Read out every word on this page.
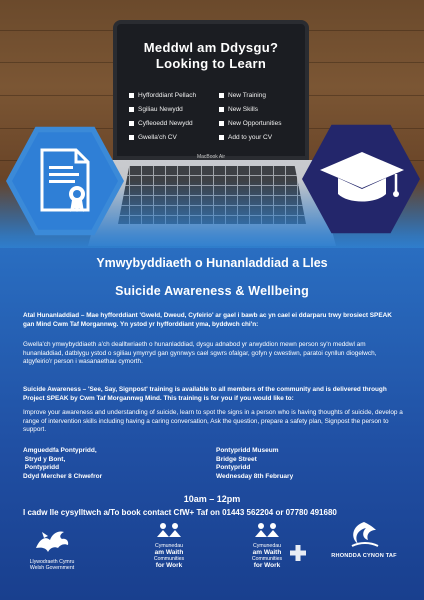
Meddwl am Ddysgu?
Looking to Learn
Hyfforddiant Pellach
Sgiliau Newydd
Cyfleoedd Newydd
Gwella'ch CV
New Training
New Skills
New Opportunities
Add to your CV
MacBook Air
Ymwybyddiaeth o Hunanladdiad a Lles
Suicide Awareness & Wellbeing
Atal Hunanladdiad – Mae hyfforddiant 'Gweld, Dweud, Cyfeirio' ar gael i bawb ac yn cael ei ddarparu trwy brosiect SPEAK gan Mind Cwm Taf Morgannwg. Yn ystod yr hyfforddiant yma, byddwch chi'n:
Gwella'ch ymwybyddiaeth a'ch dealltwriaeth o hunanladdiad, dysgu adnabod yr arwyddion mewn person sy'n meddwl am hunanladdiad, datblygu ystod o sgiliau ymyrryd gan gynnwys cael sgwrs ofalgar, gofyn y cwestiwn, paratoi cynllun diogelwch, atgyfeirio'r person i wasanaethau cymorth.
Suicide Awareness – 'See, Say, Signpost' training is available to all members of the community and is delivered through Project SPEAK by Cwm Taf Morgannwg Mind. This training is for you if you would like to:
Improve your awareness and understanding of suicide, learn to spot the signs in a person who is having thoughts of suicide, develop a range of intervention skills including having a caring conversation, Ask the question, prepare a safety plan, Signpost the person to support.
Amgueddfa Pontypridd,
Stryd y Bont,
Pontypridd
Ddyd Mercher 8 Chwefror
Pontypridd Museum
Bridge Street
Pontypridd
Wednesday 8th February
10am – 12pm
I cadw lle cysylltwch a/To book contact CfW+ Taf on 01443 562204 or 07780 491680
Llywodraeth Cymru
Welsh Government
Cymunedau
am Waith
Communities
for Work
Cymunedau
am Waith
Communities
for Work
RHONDDA CYNON TAF
